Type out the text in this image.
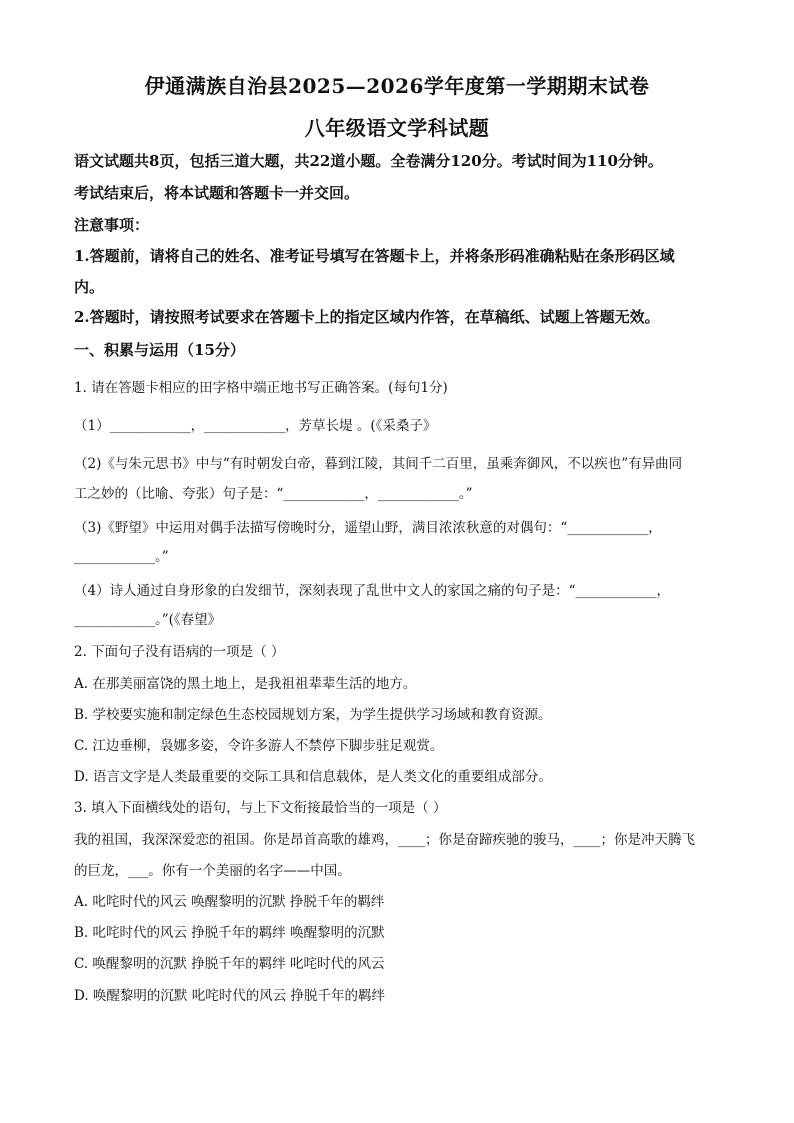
伊通满族自治县2025—2026学年度第一学期期末试卷
八年级语文学科试题
语文试题共8页，包括三道大题，共22道小题。全卷满分120分。考试时间为110分钟。
考试结束后，将本试题和答题卡一并交回。
注意事项：
1.答题前，请将自己的姓名、准考证号填写在答题卡上，并将条形码准确粘贴在条形码区域
内。
2.答题时，请按照考试要求在答题卡上的指定区域内作答，在草稿纸、试题上答题无效。
一、积累与运用（15分）
1. 请在答题卡相应的田字格中端正地书写正确答案。(每句1分)
（1）____________，____________，芳草长堤 。(《采桑子》
（2)《与朱元思书》中与“有时朝发白帝，暮到江陵，其间千二百里，虽乘奔御风，不以疾也”有异曲同
工之妙的（比喻、夸张）句子是：“____________，____________。”
（3)《野望》中运用对偶手法描写傍晚时分，遥望山野，满目浓浓秋意的对偶句：“____________，
____________。”
（4）诗人通过自身形象的白发细节，深刻表现了乱世中文人的家国之痛的句子是：“____________，
____________。”(《春望》
2. 下面句子没有语病的一项是（ ）
A. 在那美丽富饶的黑土地上，是我祖祖辈辈生活的地方。
B. 学校要实施和制定绿色生态校园规划方案，为学生提供学习场域和教育资源。
C. 江边垂柳，袅娜多姿，令许多游人不禁停下脚步驻足观赏。
D. 语言文字是人类最重要的交际工具和信息载体，是人类文化的重要组成部分。
3. 填入下面横线处的语句，与上下文衔接最恰当的一项是（ ）
我的祖国，我深深爱恋的祖国。你是昂首高歌的雄鸡，____；你是奋蹄疾驰的骏马，____；你是冲天腾飞
的巨龙，___。你有一个美丽的名字——中国。
A. 叱咤时代的风云 唤醒黎明的沉默 挣脱千年的羁绊
B. 叱咤时代的风云 挣脱千年的羁绊 唤醒黎明的沉默
C. 唤醒黎明的沉默 挣脱千年的羁绊 叱咤时代的风云
D. 唤醒黎明的沉默 叱咤时代的风云 挣脱千年的羁绊
